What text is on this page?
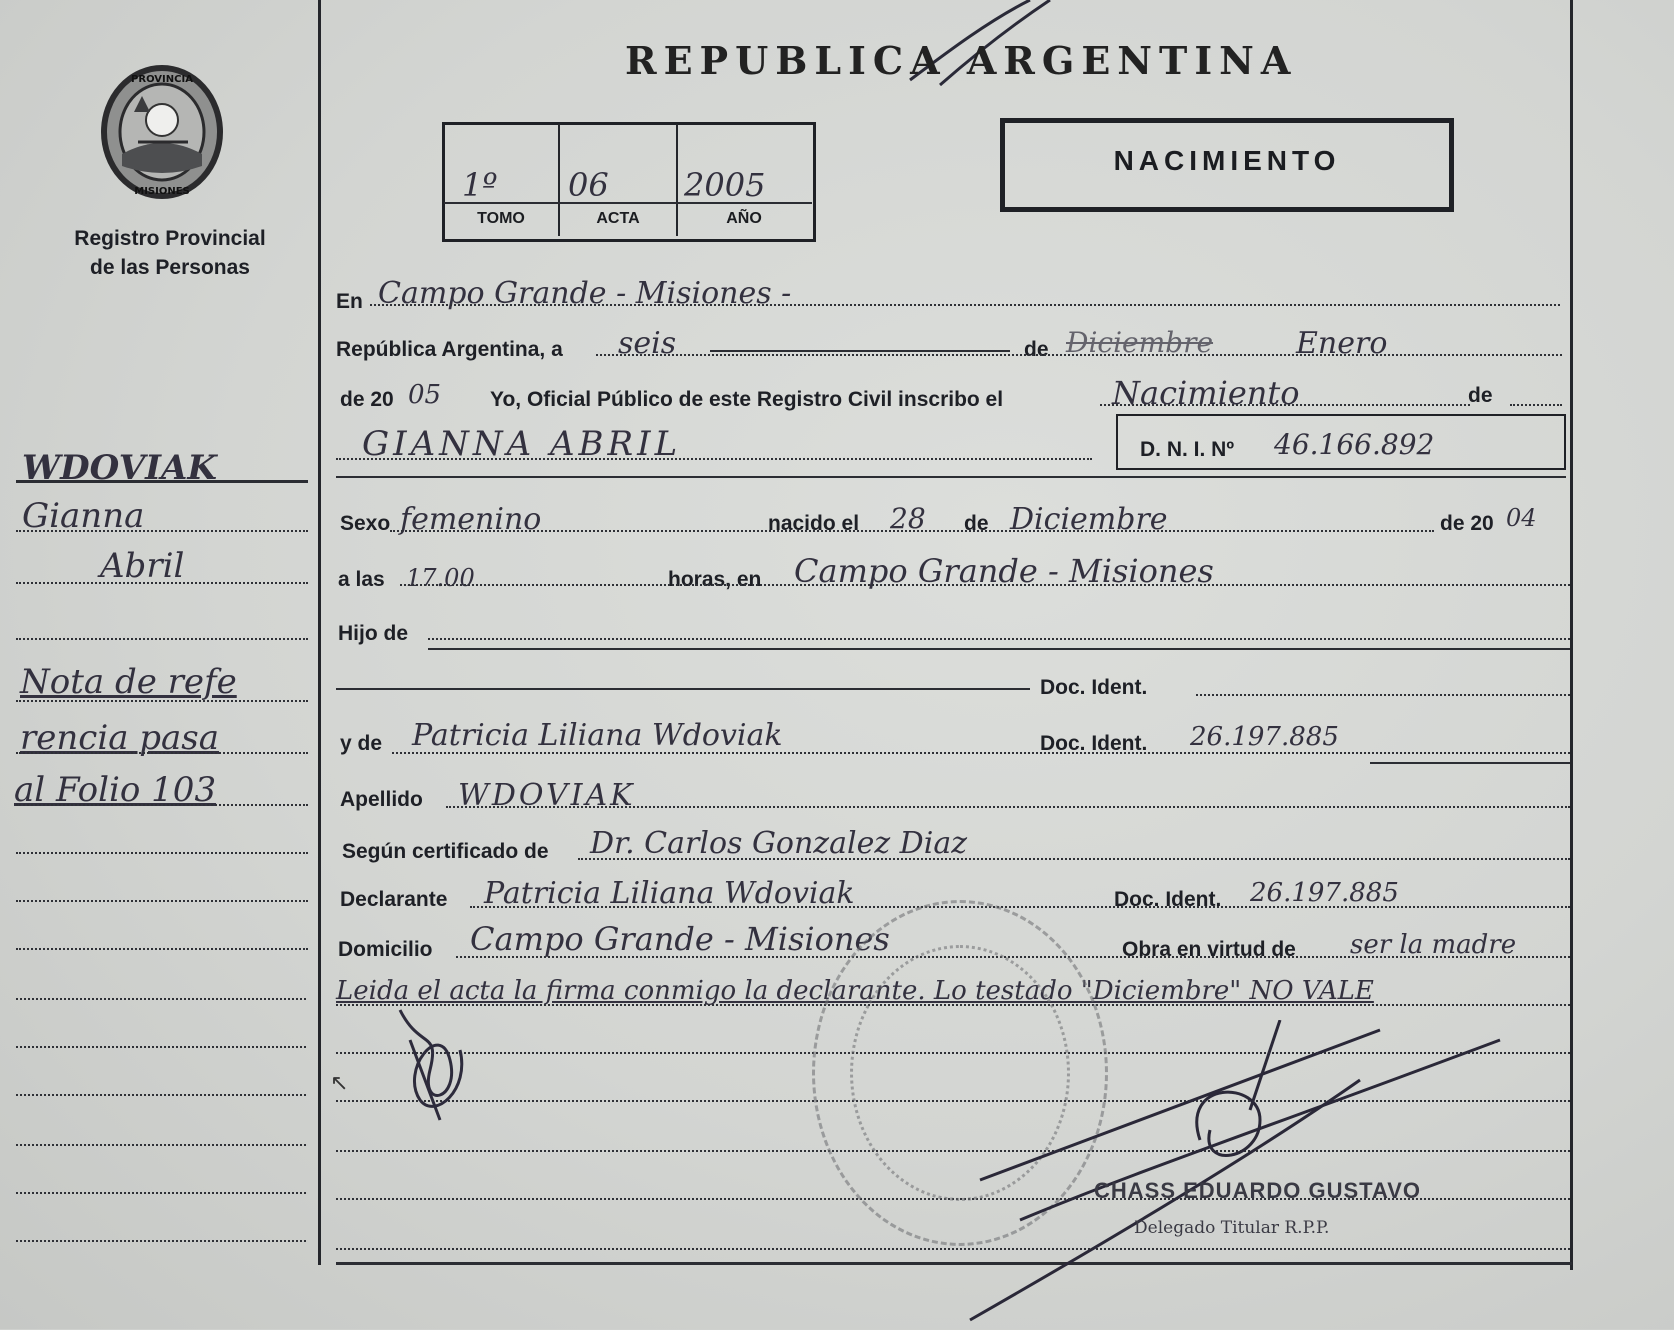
PROVINCIA
MISIONES
Registro Provincial
de las Personas
REPUBLICA ARGENTINA
1º 06 2005
TOMO	ACTA	AÑO
NACIMIENTO
WDOVIAK
Gianna
Abril
Nota de refe
rencia pasa
al Folio 103
En Campo Grande - Misiones -
República Argentina, a seis	de Diciembre	Enero
de 20 05 Yo, Oficial Público de este Registro Civil inscribo el	Nacimiento	de
GIANNA ABRIL	D. N. I. Nº 46.166.892
Sexo femenino	nacido el 28 de Diciembre	de 20 04
a las 17.00	horas, en Campo Grande - Misiones
Hijo de
Doc. Ident.
y de Patricia Liliana Wdoviak	Doc. Ident. 26.197.885
Apellido WDOVIAK
Según certificado de Dr. Carlos Gonzalez Diaz
Declarante Patricia Liliana Wdoviak	Doc. Ident. 26.197.885
Domicilio Campo Grande - Misiones	Obra en virtud de ser la madre
Leida el acta la firma conmigo la declarante. Lo testado "Diciembre" NO VALE
CHASS EDUARDO GUSTAVO
Delegado Titular R.P.P.
↖
